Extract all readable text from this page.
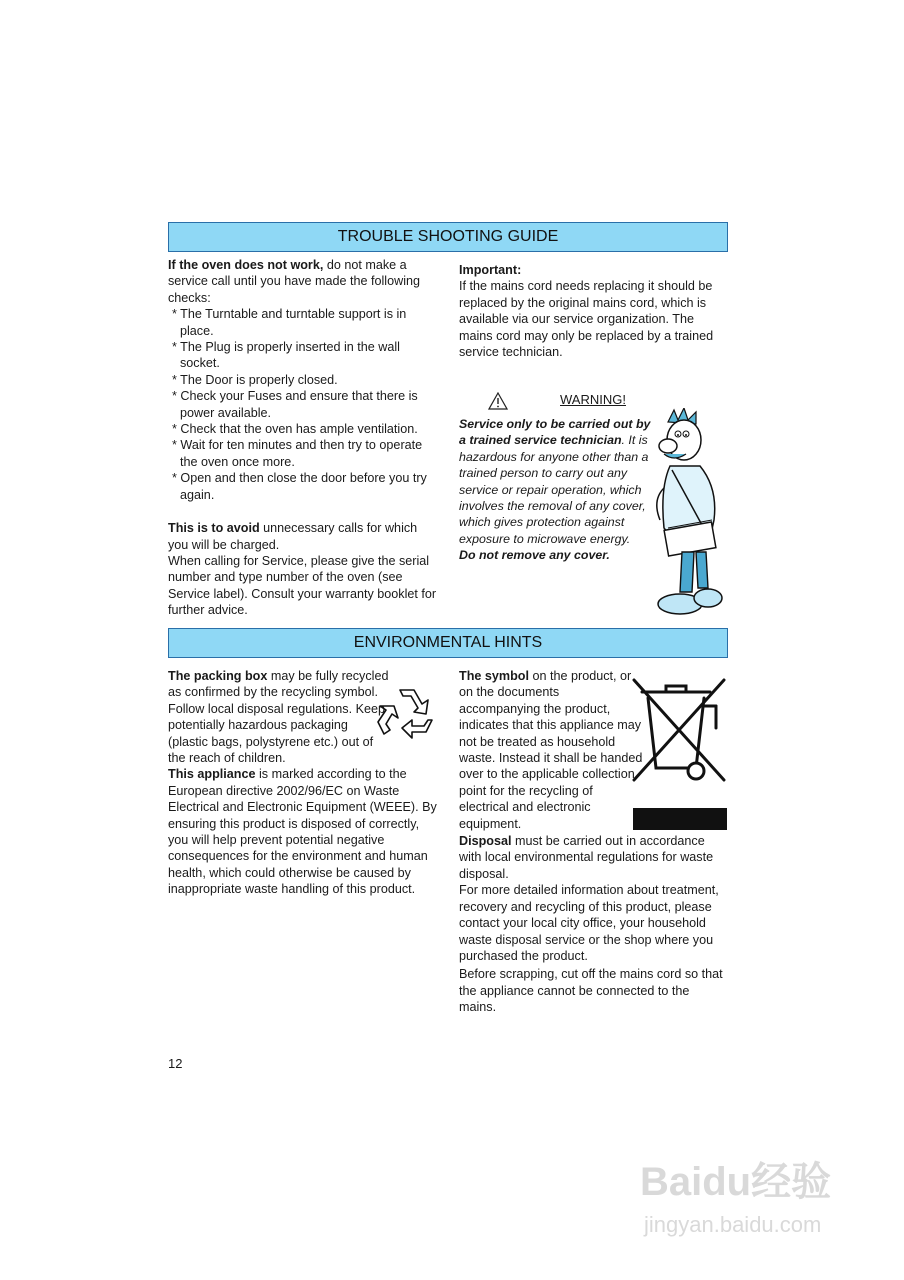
TROUBLE SHOOTING GUIDE

If the oven does not work, do not make a service call until you have made the following checks:

* The Turntable and turntable support is in place.

* The Plug is properly inserted in the wall socket.

* The Door is properly closed.

* Check your Fuses and ensure that there is power available.

* Check that the oven has ample ventilation.

* Wait for ten minutes and then try to operate the oven once more.

* Open and then close the door before you try again.

This is to avoid unnecessary calls for which you will be charged.

When calling for Service, please give the serial number and type number of the oven (see Service label). Consult your warranty booklet for further advice.

Important:

If the mains cord needs replacing it should be replaced by the original mains cord, which is available via our service organization. The mains cord may only be replaced by a trained service technician.

WARNING!
Service only to be carried out by a trained service technician. It is hazardous for anyone other than a trained person to carry out any service or repair operation, which involves the removal of any cover, which gives protection against exposure to microwave energy.
Do not remove any cover.
ENVIRONMENTAL HINTS

The packing box may be fully recycled as confirmed by the recycling symbol. Follow local disposal regulations. Keep potentially hazardous packaging (plastic bags, polystyrene etc.) out of the reach of children.

This appliance is marked according to the European directive 2002/96/EC on Waste Electrical and Electronic Equipment (WEEE). By ensuring this product is disposed of correctly, you will help prevent potential negative consequences for the environment and human health, which could otherwise be caused by inappropriate waste handling of this product.

The symbol on the product, or on the documents accompanying the product, indicates that this appliance may not be treated as household waste. Instead it shall be handed over to the applicable collection point for the recycling of electrical and electronic equipment.

Disposal must be carried out in accordance with local environmental regulations for waste disposal.

For more detailed information about treatment, recovery and recycling of this product, please contact your local city office, your household waste disposal service or the shop where you purchased the product.

Before scrapping, cut off the mains cord so that the appliance cannot be connected to the mains.

12
Baidu经验
jingyan.baidu.com
